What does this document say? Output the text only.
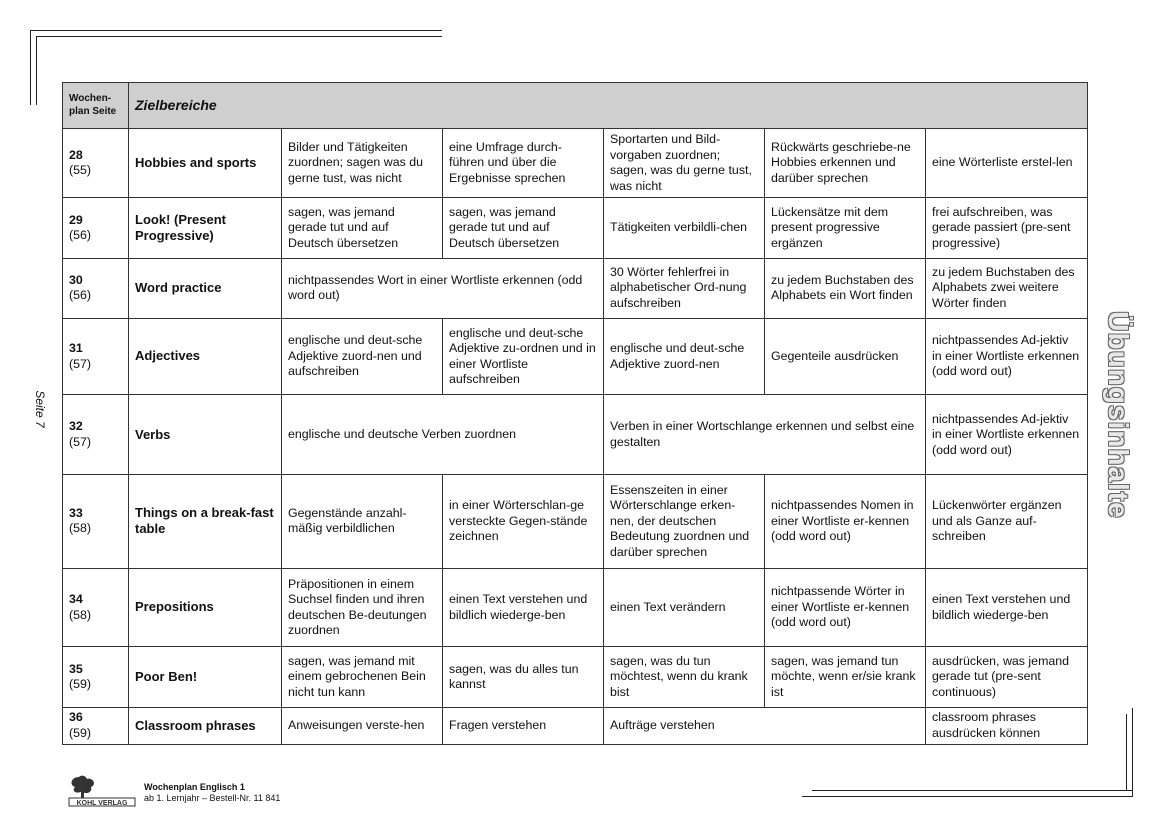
Seite 7	Übungsinhalte
Wochen-plan Seite	Zielbereiche					

28
(55)	Hobbies and sports	Bilder und Tätigkeiten zuordnen; sagen was du gerne tust, was nicht	eine Umfrage durch-führen und über die Ergebnisse sprechen	Sportarten und Bild-vorgaben zuordnen; sagen, was du gerne tust, was nicht	Rückwärts geschriebe-ne Hobbies erkennen und darüber sprechen	eine Wörterliste erstel-len

29
(56)	Look! (Present Progressive)	sagen, was jemand gerade tut und auf Deutsch übersetzen	sagen, was jemand gerade tut und auf Deutsch übersetzen	Tätigkeiten verbildli-chen	Lückensätze mit dem present progressive ergänzen	frei aufschreiben, was gerade passiert (pre-sent progressive)

30
(56)	Word practice	nichtpassendes Wort in einer Wortliste erkennen (odd word out)		30 Wörter fehlerfrei in alphabetischer Ord-nung aufschreiben	zu jedem Buchstaben des Alphabets ein Wort finden	zu jedem Buchstaben des Alphabets zwei weitere Wörter finden

31
(57)	Adjectives	englische und deut-sche Adjektive zuord-nen und aufschreiben	englische und deut-sche Adjektive zu-ordnen und in einer Wortliste aufschreiben	englische und deut-sche Adjektive zuord-nen	Gegenteile ausdrücken	nichtpassendes Ad-jektiv in einer Wortliste erkennen (odd word out)

32
(57)	Verbs	englische und deutsche Verben zuordnen		Verben in einer Wortschlange erkennen und selbst eine gestalten		nichtpassendes Ad-jektiv in einer Wortliste erkennen (odd word out)

33
(58)	Things on a break-fast table	Gegenstände anzahl-mäßig verbildlichen	in einer Wörterschlan-ge versteckte Gegen-stände zeichnen	Essenszeiten in einer Wörterschlange erken-nen, der deutschen Bedeutung zuordnen und darüber sprechen	nichtpassendes Nomen in einer Wortliste er-kennen (odd word out)	Lückenwörter ergänzen und als Ganze auf-schreiben

34
(58)	Prepositions	Präpositionen in einem Suchsel finden und ihren deutschen Be-deutungen zuordnen	einen Text verstehen und bildlich wiederge-ben	einen Text verändern	nichtpassende Wörter in einer Wortliste er-kennen (odd word out)	einen Text verstehen und bildlich wiederge-ben

35
(59)	Poor Ben!	sagen, was jemand mit einem gebrochenen Bein nicht tun kann	sagen, was du alles tun kannst	sagen, was du tun möchtest, wenn du krank bist	sagen, was jemand tun möchte, wenn er/sie krank ist	ausdrücken, was jemand gerade tut (pre-sent continuous)

36
(59)	Classroom phrases	Anweisungen verste-hen	Fragen verstehen	Aufträge verstehen		classroom phrases ausdrücken können
KOHL VERLAG
Wochenplan Englisch 1
ab 1. Lernjahr – Bestell-Nr. 11 841
